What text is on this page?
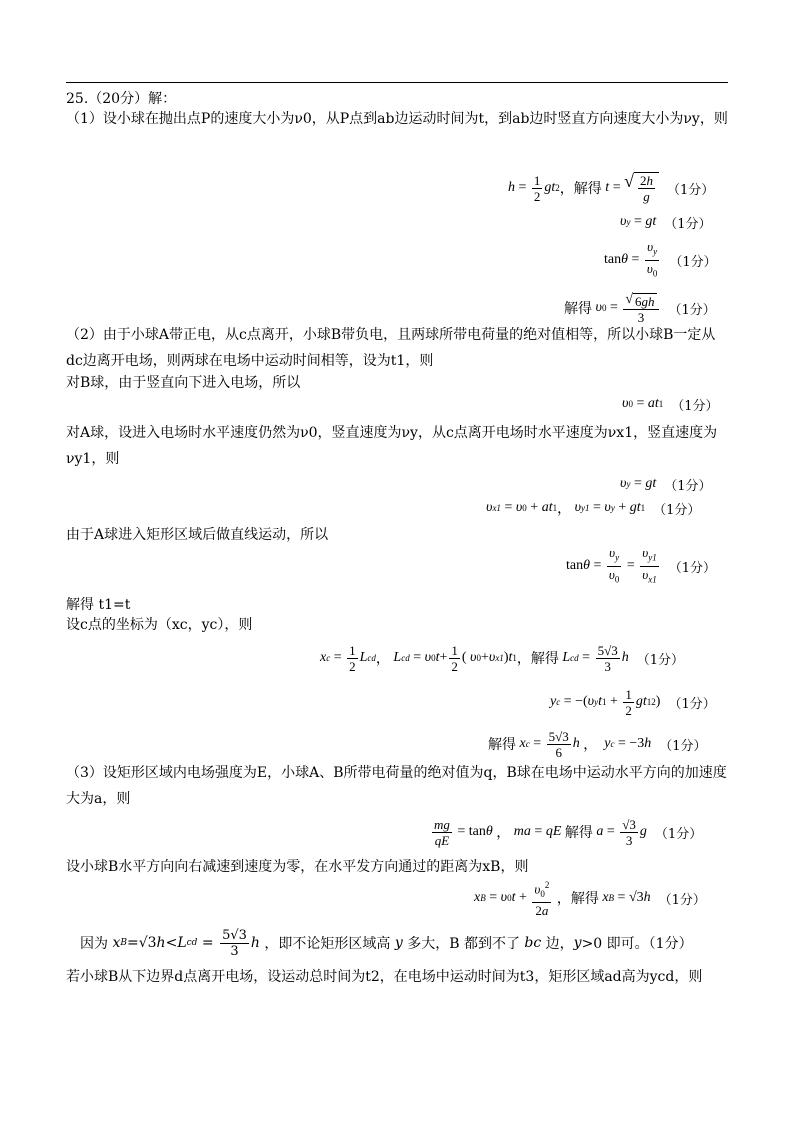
25.（20分）解：
（1）设小球在抛出点P的速度大小为ν0，从P点到ab边运动时间为t，到ab边时竖直方向速度大小为νy，则
$h = \frac{1}{2}$ gt 2 ，解得 t = √ $\frac{2h}{g} (1$分）
υ y = gt （1分）
$\tan \theta = \frac{\upsilon_y}{\upsilon_0} (1$分）
解得 υ $0 = \frac{√ 6gh}{3} (1$分）
（2）由于小球A带正电，从c点离开，小球B带负电，且两球所带电荷量的绝对值相等，所以小球B一定从dc边离开电场，则两球在电场中运动时间相等，设为t1，则
对B球，由于竖直向下进入电场，所以
υ 0 = at 1 （1分）
对A球，设进入电场时水平速度仍然为ν0，竖直速度为νy，从c点离开电场时水平速度为νx1，竖直速度为νy1，则
υ y = gt （1分）
υ x1 = υ 0 + at 1 ， υ y1 = υ y + gt 1 （1分）
由于A球进入矩形区域后做直线运动，所以
$\tan \theta = \frac{\upsilon_y}{\upsilon_0} = \frac{\upsilon_{y1}}{\upsilon_{x1}} (1$分）
解得 t1=t
设c点的坐标为（xc，yc），则
x $c = \frac{1}{2}$ L cd ， L cd = υ 0 $t + \frac{1}{2}$ ( υ 0 + υ x1 ) t 1 ，解得 L cd = $\frac{5√3}{3}$ h （1分）
y c = −( υ y t $1 + \frac{1}{2}$ gt 1 2 ) （1分）
解得 x $c = \frac{5√3}{6}$ h ， y c = −3 h （1分）
（3）设矩形区域内电场强度为E，小球A、B所带电荷量的绝对值为q，B球在电场中运动水平方向的加速度大为a，则
$\frac{mg}{qE} = \tan \theta$ ， ma = qE 解得 $a = \frac{√3}{3}$ g （1分）
设小球B水平方向向右减速到速度为零，在水平发方向通过的距离为xB，则
x B = υ 0 $t + \frac{\upsilon_0^2}{2a}$ ，解得 x B = √3 h （1分）
因为 x B =√3 h < L cd = $\frac{5√3}{3}$ h ，即不论矩形区域高 y 多大，B 都到不了 bc 边， y >0 即可。（1分）
若小球B从下边界d点离开电场，设运动总时间为t2，在电场中运动时间为t3，矩形区域ad高为ycd，则
